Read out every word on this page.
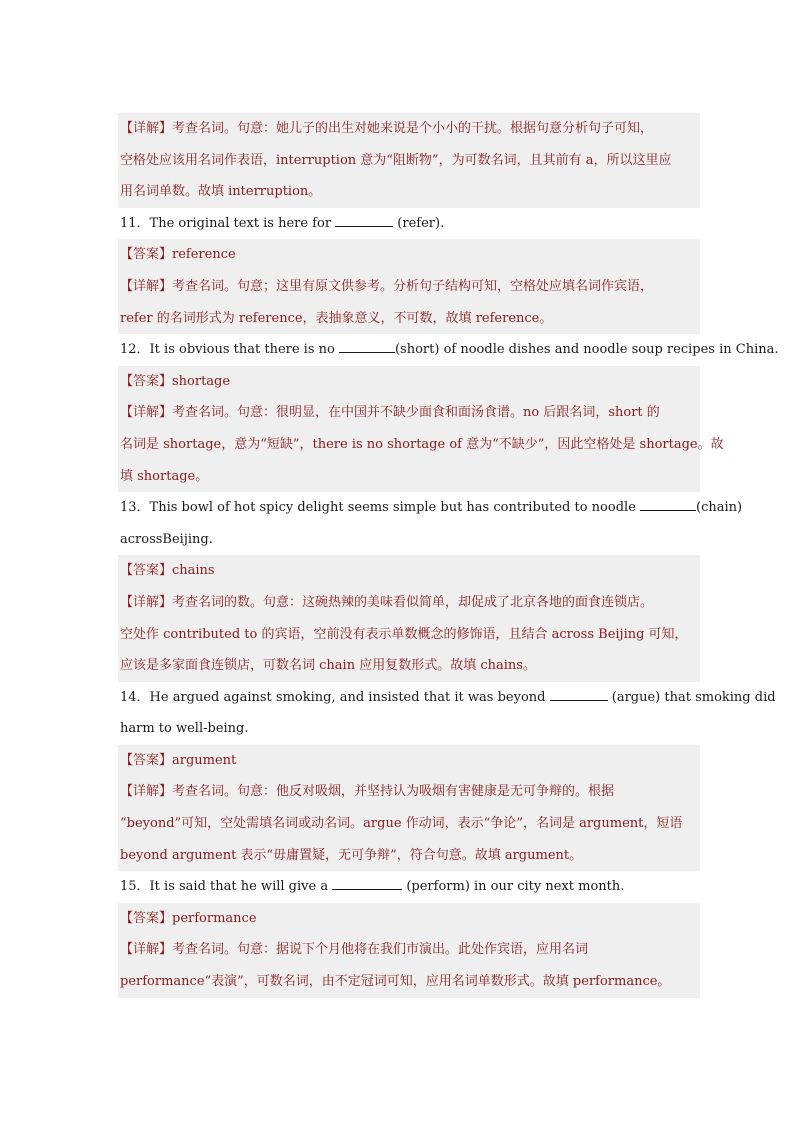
【详解】考查名词。句意：她儿子的出生对她来说是个小小的干扰。根据句意分析句子可知，
空格处应该用名词作表语，interruption 意为“阻断物”，为可数名词，且其前有 a，所以这里应
用名词单数。故填 interruption。
11．The original text is here for	(refer).
【答案】reference
【详解】考查名词。句意；这里有原文供参考。分析句子结构可知，空格处应填名词作宾语，
refer 的名词形式为 reference，表抽象意义，不可数，故填 reference。
12．It is obvious that there is no	(short) of noodle dishes and noodle soup recipes in China.
【答案】shortage
【详解】考查名词。句意：很明显，在中国并不缺少面食和面汤食谱。no 后跟名词，short 的
名词是 shortage，意为“短缺”，there is no shortage of 意为“不缺少”，因此空格处是 shortage。故
填 shortage。
13．This bowl of hot spicy delight seems simple but has contributed to noodle	(chain)
acrossBeijing.
【答案】chains
【详解】考查名词的数。句意：这碗热辣的美味看似简单，却促成了北京各地的面食连锁店。
空处作 contributed to 的宾语，空前没有表示单数概念的修饰语，且结合 across Beijing 可知，
应该是多家面食连锁店，可数名词 chain 应用复数形式。故填 chains。
14．He argued against smoking, and insisted that it was beyond	(argue) that smoking did
harm to well-being.
【答案】argument
【详解】考查名词。句意：他反对吸烟，并坚持认为吸烟有害健康是无可争辩的。根据
“beyond”可知，空处需填名词或动名词。argue 作动词，表示“争论”，名词是 argument，短语
beyond argument 表示“毋庸置疑，无可争辩”，符合句意。故填 argument。
15．It is said that he will give a	(perform) in our city next month.
【答案】performance
【详解】考查名词。句意：据说下个月他将在我们市演出。此处作宾语，应用名词
performance“表演”，可数名词，由不定冠词可知，应用名词单数形式。故填 performance。
